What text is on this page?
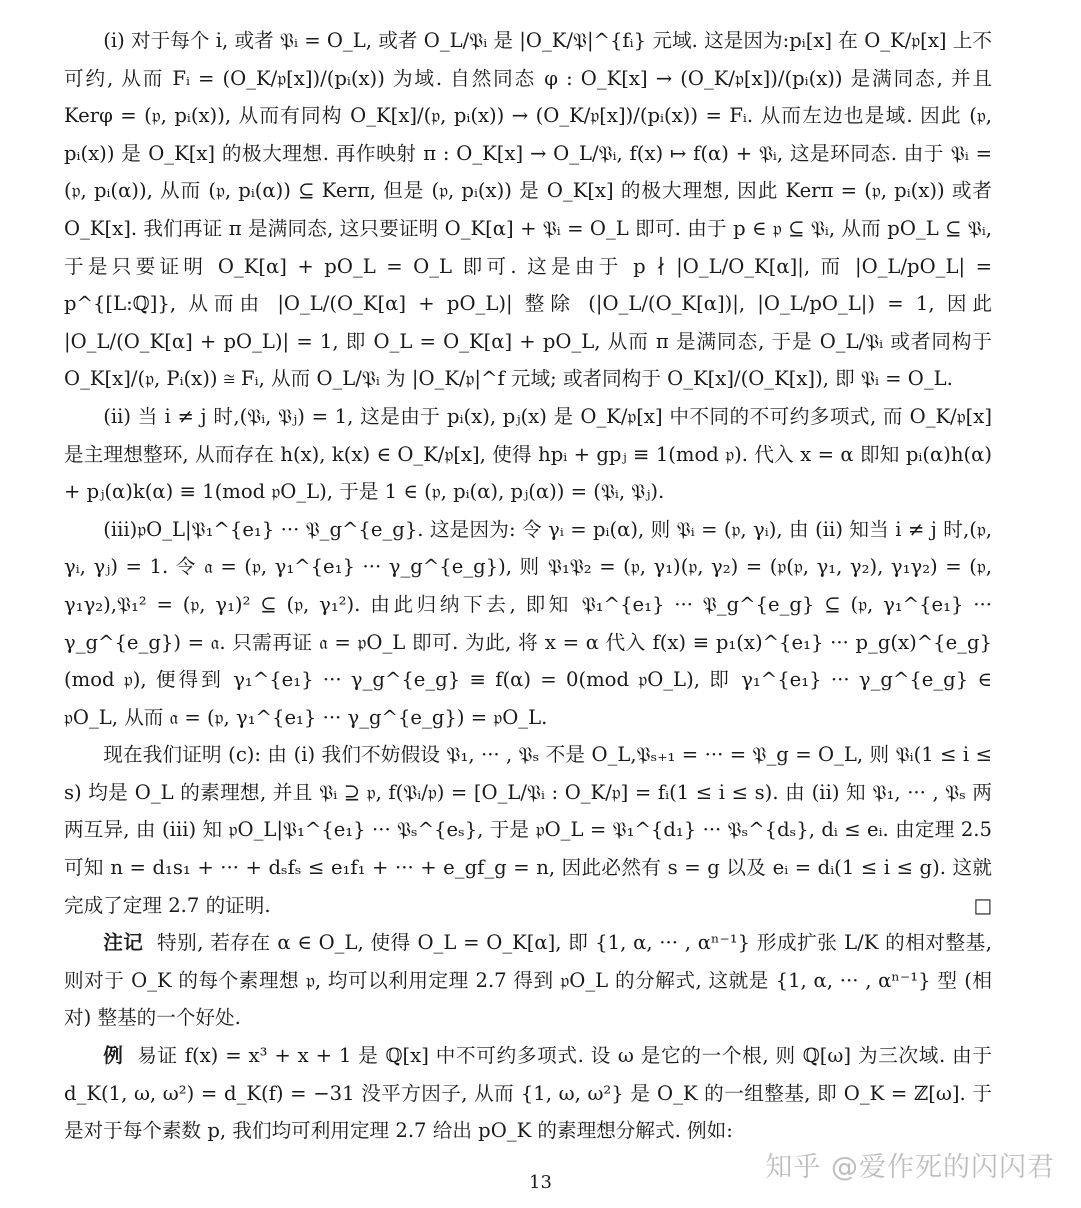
(i) 对于每个 i, 或者 𝔓ᵢ = O_L, 或者 O_L/𝔓ᵢ 是 |O_K/𝔓|^{fᵢ} 元域. 这是因为:pᵢ[x] 在 O_K/𝔭[x] 上不可约, 从而 Fᵢ = (O_K/𝔭[x])/(pᵢ(x)) 为域. 自然同态 φ : O_K[x] → (O_K/𝔭[x])/(pᵢ(x)) 是满同态, 并且 Kerφ = (𝔭, pᵢ(x)), 从而有同构 O_K[x]/(𝔭, pᵢ(x)) → (O_K/𝔭[x])/(pᵢ(x)) = Fᵢ. 从而左边也是域. 因此 (𝔭, pᵢ(x)) 是 O_K[x] 的极大理想. 再作映射 π : O_K[x] → O_L/𝔓ᵢ, f(x) ↦ f(α) + 𝔓ᵢ, 这是环同态. 由于 𝔓ᵢ = (𝔭, pᵢ(α)), 从而 (𝔭, pᵢ(α)) ⊆ Kerπ, 但是 (𝔭, pᵢ(x)) 是 O_K[x] 的极大理想, 因此 Kerπ = (𝔭, pᵢ(x)) 或者 O_K[x]. 我们再证 π 是满同态, 这只要证明 O_K[α] + 𝔓ᵢ = O_L 即可. 由于 p ∈ 𝔭 ⊆ 𝔓ᵢ, 从而 pO_L ⊆ 𝔓ᵢ, 于是只要证明 O_K[α] + pO_L = O_L 即可. 这是由于 p ∤ |O_L/O_K[α]|, 而 |O_L/pO_L| = p^{[L:ℚ]}, 从而由 |O_L/(O_K[α] + pO_L)| 整除 (|O_L/(O_K[α])|, |O_L/pO_L|) = 1, 因此 |O_L/(O_K[α] + pO_L)| = 1, 即 O_L = O_K[α] + pO_L, 从而 π 是满同态, 于是 O_L/𝔓ᵢ 或者同构于 O_K[x]/(𝔭, Pᵢ(x)) ≅ Fᵢ, 从而 O_L/𝔓ᵢ 为 |O_K/𝔭|^f 元域; 或者同构于 O_K[x]/(O_K[x]), 即 𝔓ᵢ = O_L.

(ii) 当 i ≠ j 时,(𝔓ᵢ, 𝔓ⱼ) = 1, 这是由于 pᵢ(x), pⱼ(x) 是 O_K/𝔭[x] 中不同的不可约多项式, 而 O_K/𝔭[x] 是主理想整环, 从而存在 h(x), k(x) ∈ O_K/𝔭[x], 使得 hpᵢ + gpⱼ ≡ 1(mod 𝔭). 代入 x = α 即知 pᵢ(α)h(α) + pⱼ(α)k(α) ≡ 1(mod 𝔭O_L), 于是 1 ∈ (𝔭, pᵢ(α), pⱼ(α)) = (𝔓ᵢ, 𝔓ⱼ).

(iii)𝔭O_L|𝔓₁^{e₁} ··· 𝔓_g^{e_g}. 这是因为: 令 γᵢ = pᵢ(α), 则 𝔓ᵢ = (𝔭, γᵢ), 由 (ii) 知当 i ≠ j 时,(𝔭, γᵢ, γⱼ) = 1. 令 𝔞 = (𝔭, γ₁^{e₁} ··· γ_g^{e_g}), 则 𝔓₁𝔓₂ = (𝔭, γ₁)(𝔭, γ₂) = (𝔭(𝔭, γ₁, γ₂), γ₁γ₂) = (𝔭, γ₁γ₂),𝔓₁² = (𝔭, γ₁)² ⊆ (𝔭, γ₁²). 由此归纳下去, 即知 𝔓₁^{e₁} ··· 𝔓_g^{e_g} ⊆ (𝔭, γ₁^{e₁} ··· γ_g^{e_g}) = 𝔞. 只需再证 𝔞 = 𝔭O_L 即可. 为此, 将 x = α 代入 f(x) ≡ p₁(x)^{e₁} ··· p_g(x)^{e_g}(mod 𝔭), 便得到 γ₁^{e₁} ··· γ_g^{e_g} ≡ f(α) = 0(mod 𝔭O_L), 即 γ₁^{e₁} ··· γ_g^{e_g} ∈ 𝔭O_L, 从而 𝔞 = (𝔭, γ₁^{e₁} ··· γ_g^{e_g}) = 𝔭O_L.

现在我们证明 (c): 由 (i) 我们不妨假设 𝔓₁, ··· , 𝔓ₛ 不是 O_L,𝔓ₛ₊₁ = ··· = 𝔓_g = O_L, 则 𝔓ᵢ(1 ≤ i ≤ s) 均是 O_L 的素理想, 并且 𝔓ᵢ ⊇ 𝔭, f(𝔓ᵢ/𝔭) = [O_L/𝔓ᵢ : O_K/𝔭] = fᵢ(1 ≤ i ≤ s). 由 (ii) 知 𝔓₁, ··· , 𝔓ₛ 两两互异, 由 (iii) 知 𝔭O_L|𝔓₁^{e₁} ··· 𝔓ₛ^{eₛ}, 于是 𝔭O_L = 𝔓₁^{d₁} ··· 𝔓ₛ^{dₛ}, dᵢ ≤ eᵢ. 由定理 2.5 可知 n = d₁s₁ + ··· + dₛfₛ ≤ e₁f₁ + ··· + e_gf_g = n, 因此必然有 s = g 以及 eᵢ = dᵢ(1 ≤ i ≤ g). 这就完成了定理 2.7 的证明.	□

注记 特别, 若存在 α ∈ O_L, 使得 O_L = O_K[α], 即 {1, α, ··· , αⁿ⁻¹} 形成扩张 L/K 的相对整基, 则对于 O_K 的每个素理想 𝔭, 均可以利用定理 2.7 得到 𝔭O_L 的分解式, 这就是 {1, α, ··· , αⁿ⁻¹} 型 (相对) 整基的一个好处.

例 易证 f(x) = x³ + x + 1 是 ℚ[x] 中不可约多项式. 设 ω 是它的一个根, 则 ℚ[ω] 为三次域. 由于 d_K(1, ω, ω²) = d_K(f) = −31 没平方因子, 从而 {1, ω, ω²} 是 O_K 的一组整基, 即 O_K = ℤ[ω]. 于是对于每个素数 p, 我们均可利用定理 2.7 给出 pO_K 的素理想分解式. 例如:

知乎 @爱作死的闪闪君
13
